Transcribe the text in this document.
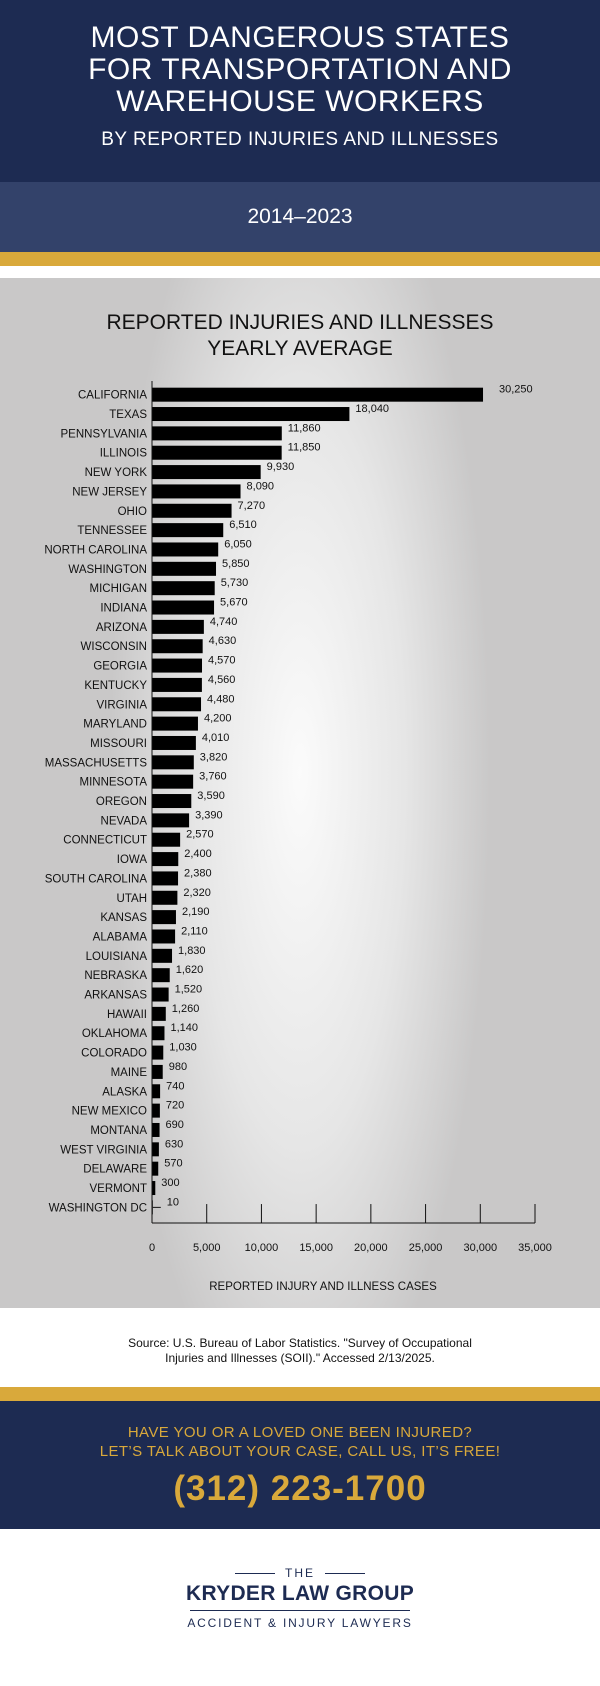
MOST DANGEROUS STATES
FOR TRANSPORTATION AND
WAREHOUSE WORKERS
BY REPORTED INJURIES AND ILLNESSES
2014–2023
REPORTED INJURIES AND ILLNESSES
YEARLY AVERAGE
CALIFORNIA	30,250
TEXAS	18,040
PENNSYLVANIA	11,860
ILLINOIS	11,850
NEW YORK	9,930
NEW JERSEY	8,090
OHIO	7,270
TENNESSEE	6,510
NORTH CAROLINA	6,050
WASHINGTON	5,850
MICHIGAN	5,730
INDIANA	5,670
ARIZONA	4,740
WISCONSIN	4,630
GEORGIA	4,570
KENTUCKY	4,560
VIRGINIA	4,480
MARYLAND	4,200
MISSOURI	4,010
MASSACHUSETTS	3,820
MINNESOTA	3,760
OREGON	3,590
NEVADA	3,390
CONNECTICUT	2,570
IOWA	2,400
SOUTH CAROLINA	2,380
UTAH	2,320
KANSAS	2,190
ALABAMA	2,110
LOUISIANA	1,830
NEBRASKA	1,620
ARKANSAS	1,520
HAWAII 1,260
OKLAHOMA 1,140
COLORADO 1,030
MAINE 980
ALASKA 740
NEW MEXICO 720
MONTANA 690
WEST VIRGINIA 630
DELAWARE 570
VERMONT 300
WASHINGTON DC 10
0	5,000 10,000 15,000 20,000 25,000 30,000 35,000
REPORTED INJURY AND ILLNESS CASES
Source: U.S. Bureau of Labor Statistics. "Survey of Occupational
Injuries and Illnesses (SOII)." Accessed 2/13/2025.
HAVE YOU OR A LOVED ONE BEEN INJURED?
LET’S TALK ABOUT YOUR CASE, CALL US, IT’S FREE!
(312) 223-1700
THE
KRYDER LAW GROUP
ACCIDENT & INJURY LAWYERS
